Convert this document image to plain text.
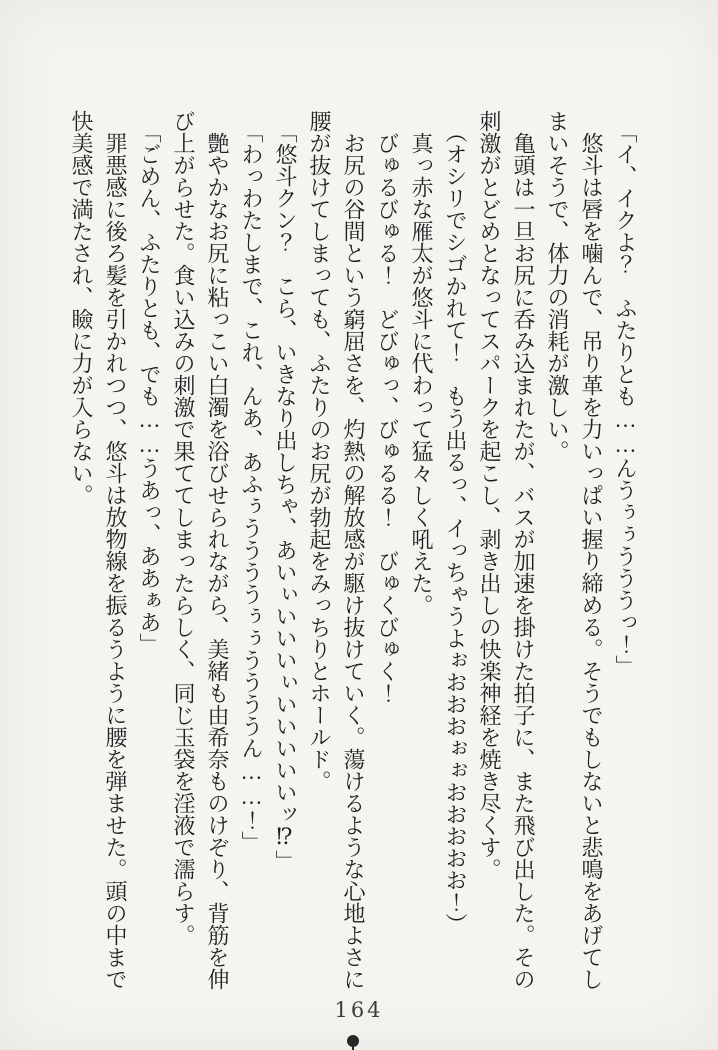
「イ、イクよ？　ふたりとも……んうぅぅうううっ！」

悠斗は唇を噛んで、吊り革を力いっぱい握り締める。そうでもしないと悲鳴をあげてし

まいそうで、体力の消耗が激しい。

亀頭は一旦お尻に呑み込まれたが、バスが加速を掛けた拍子に、また飛び出した。その

刺激がとどめとなってスパークを起こし、剥き出しの快楽神経を焼き尽くす。

（オシリでシゴかれて！　もう出るっ、イっちゃうよぉおおおぉぉおおおおお！）

真っ赤な雁太が悠斗に代わって猛々しく吼えた。

びゅるびゅる！　どびゅっ、びゅるる！　びゅくびゅく！

お尻の谷間という窮屈さを、灼熱の解放感が駆け抜けていく。蕩けるような心地よさに

腰が抜けてしまっても、ふたりのお尻が勃起をみっちりとホールド。

「悠斗クン？　こら、いきなり出しちゃ、あいぃいいいぃいいいいいッ⁉」

「わっわたしまで、これ、んあ、あふぅううううぅぅううううん……！」

艶やかなお尻に粘っこい白濁を浴びせられながら、美緒も由希奈ものけぞり、背筋を伸

び上がらせた。食い込みの刺激で果ててしまったらしく、同じ玉袋を淫液で濡らす。

「ごめん、ふたりとも、でも……うあっ、ああぁあ」

罪悪感に後ろ髪を引かれつつ、悠斗は放物線を振るうように腰を弾ませた。頭の中まで

快美感で満たされ、瞼に力が入らない。

164
